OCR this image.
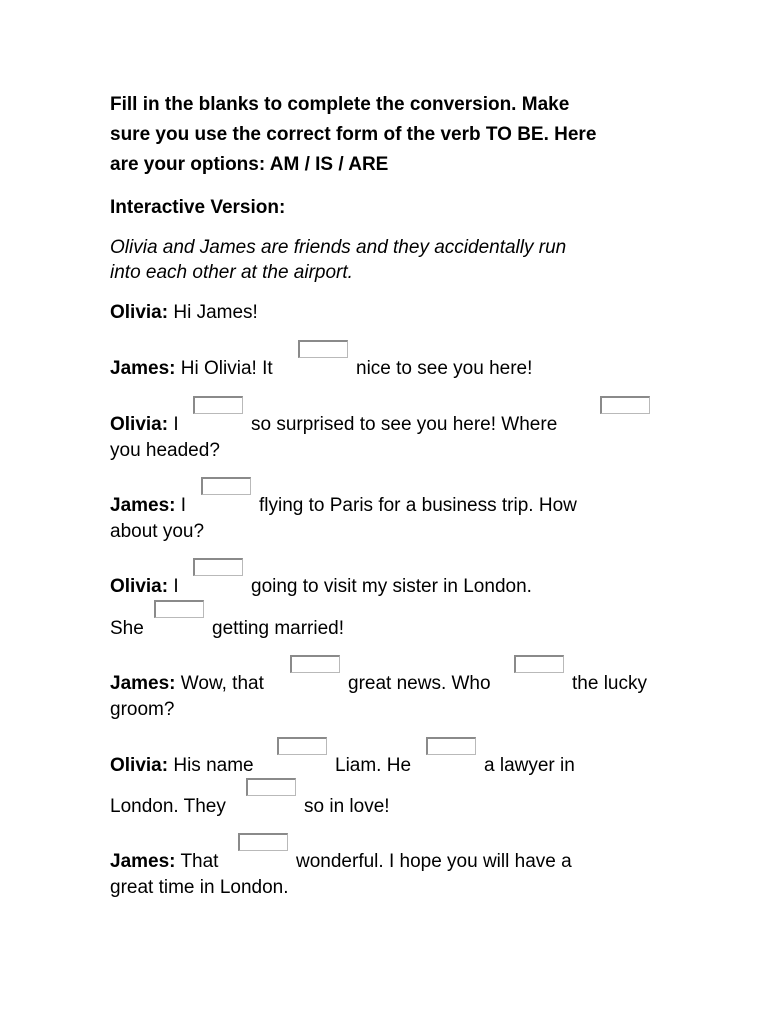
Fill in the blanks to complete the conversion. Make
sure you use the correct form of the verb TO BE. Here
are your options: AM / IS / ARE
Interactive Version:
Olivia and James are friends and they accidentally run
into each other at the airport.
Olivia: Hi James!
James: Hi Olivia! It	nice to see you here!
Olivia: I	so surprised to see you here! Where
you headed?
James: I	flying to Paris for a business trip. How
about you?
Olivia: I	going to visit my sister in London.
She	getting married!
James: Wow, that	great news. Who	the lucky
groom?
Olivia: His name	Liam. He	a lawyer in
London. They	so in love!
James: That	wonderful. I hope you will have a
great time in London.
